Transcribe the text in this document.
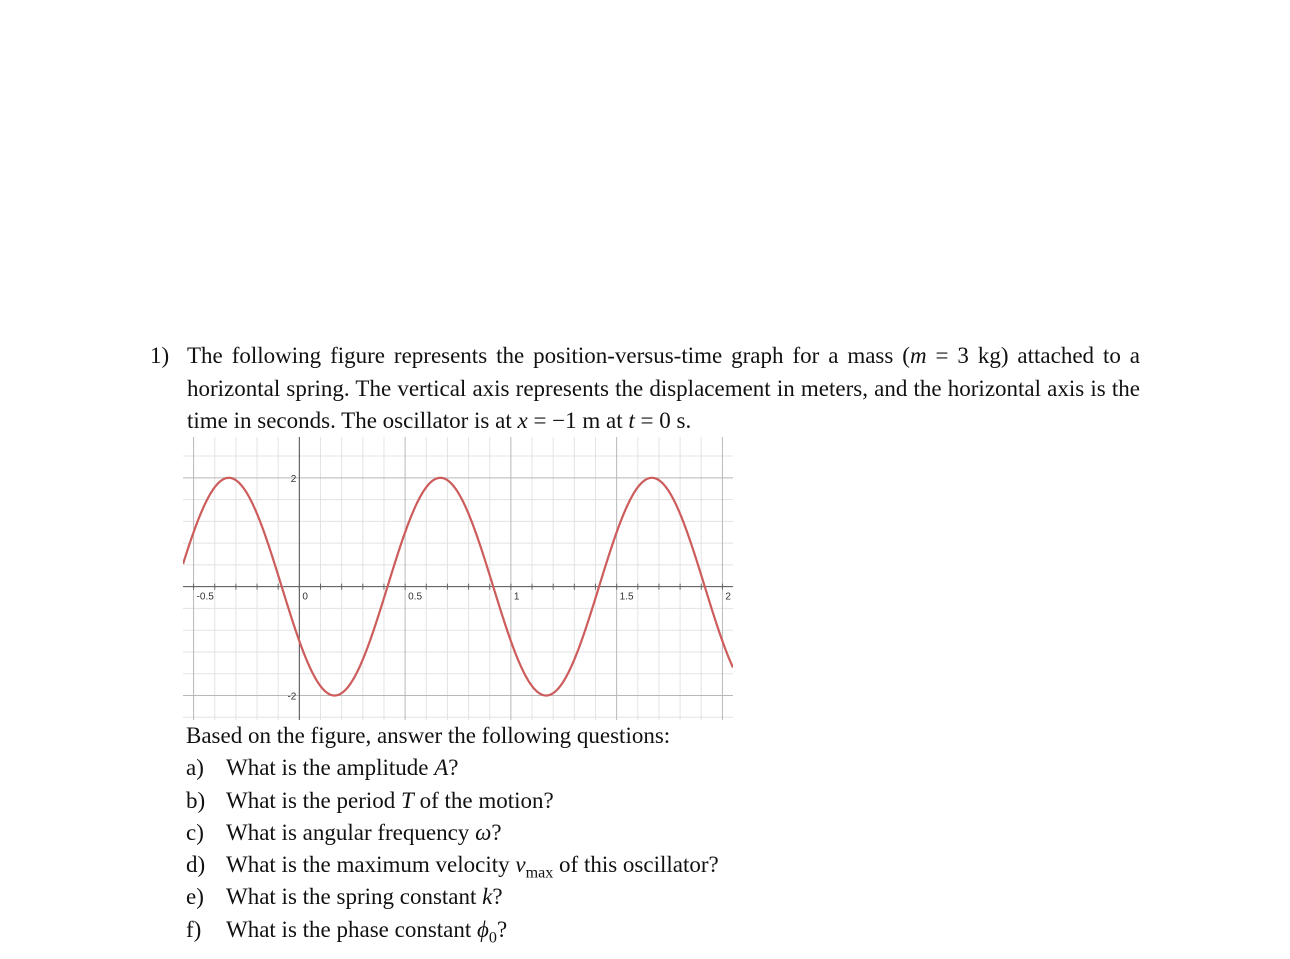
1) The following figure represents the position-versus-time graph for a mass (m = 3 kg) attached to a horizontal spring. The vertical axis represents the displacement in meters, and the horizontal axis is the time in seconds. The oscillator is at x = −1 m at t = 0 s.
-0.5	0	0.5	1	1.5	2
2
-2
Based on the figure, answer the following questions:
a) What is the amplitude A?
b) What is the period T of the motion?
c) What is angular frequency ω?
d) What is the maximum velocity $v_{max}$ of this oscillator?
e) What is the spring constant k?
f) What is the phase constant $\phi_0$?
